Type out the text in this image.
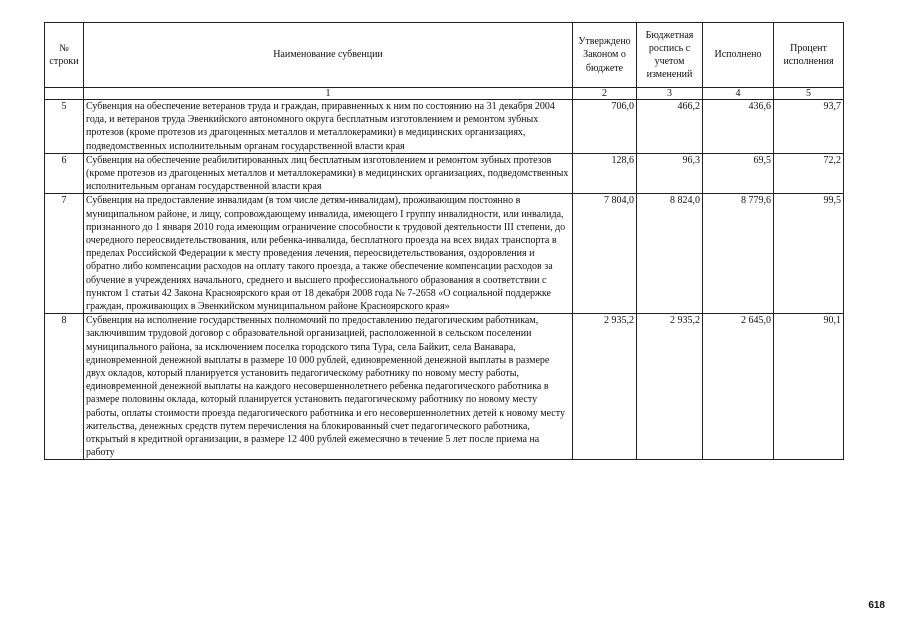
№ строки	Наименование субвенции	Утверждено Законом о бюджете	Бюджетная роспись с учетом изменений	Исполнено	Процент исполнения
	1	2	3	4	5
5	Субвенция на обеспечение ветеранов труда и граждан, приравненных к ним по состоянию на 31 декабря 2004 года, и ветеранов труда Эвенкийского автономного округа бесплатным изготовлением и ремонтом зубных протезов (кроме протезов из драгоценных металлов и металлокерамики) в медицинских организациях, подведомственных исполнительным органам государственной власти края	706,0	466,2	436,6	93,7
6	Субвенция на обеспечение реабилитированных лиц бесплатным изготовлением и ремонтом зубных протезов (кроме протезов из драгоценных металлов и металлокерамики) в медицинских организациях, подведомственных исполнительным органам государственной власти края	128,6	96,3	69,5	72,2
7	Субвенция на предоставление инвалидам (в том числе детям-инвалидам), проживающим постоянно в муниципальном районе, и лицу, сопровождающему инвалида, имеющего I группу инвалидности, или инвалида, признанного до 1 января 2010 года имеющим ограничение способности к трудовой деятельности III степени, до очередного переосвидетельствования, или ребенка-инвалида, бесплатного проезда на всех видах транспорта в пределах Российской Федерации к месту проведения лечения, переосвидетельствования, оздоровления и обратно либо компенсации расходов на оплату такого проезда, а также обеспечение компенсации расходов за обучение в учреждениях начального, среднего и высшего профессионального образования в соответствии с пунктом 1 статьи 42 Закона Красноярского края от 18 декабря 2008 года № 7-2658 «О социальной поддержке граждан, проживающих в Эвенкийском муниципальном районе Красноярского края»	7 804,0	8 824,0	8 779,6	99,5
8	Субвенция на исполнение государственных полномочий по предоставлению педагогическим работникам, заключившим трудовой договор с образовательной организацией, расположенной в сельском поселении муниципального района, за исключением поселка городского типа Тура, села Байкит, села Ванавара, единовременной денежной выплаты в размере 10 000 рублей, единовременной денежной выплаты в размере двух окладов, который планируется установить педагогическому работнику по новому месту работы, единовременной денежной выплаты на каждого несовершеннолетнего ребенка педагогического работника в размере половины оклада, который планируется установить педагогическому работнику по новому месту работы, оплаты стоимости проезда педагогического работника и его несовершеннолетних детей к новому месту жительства, денежных средств путем перечисления на блокированный счет педагогического работника, открытый в кредитной организации, в размере 12 400 рублей ежемесячно в течение 5 лет после приема на работу	2 935,2	2 935,2	2 645,0	90,1
618
